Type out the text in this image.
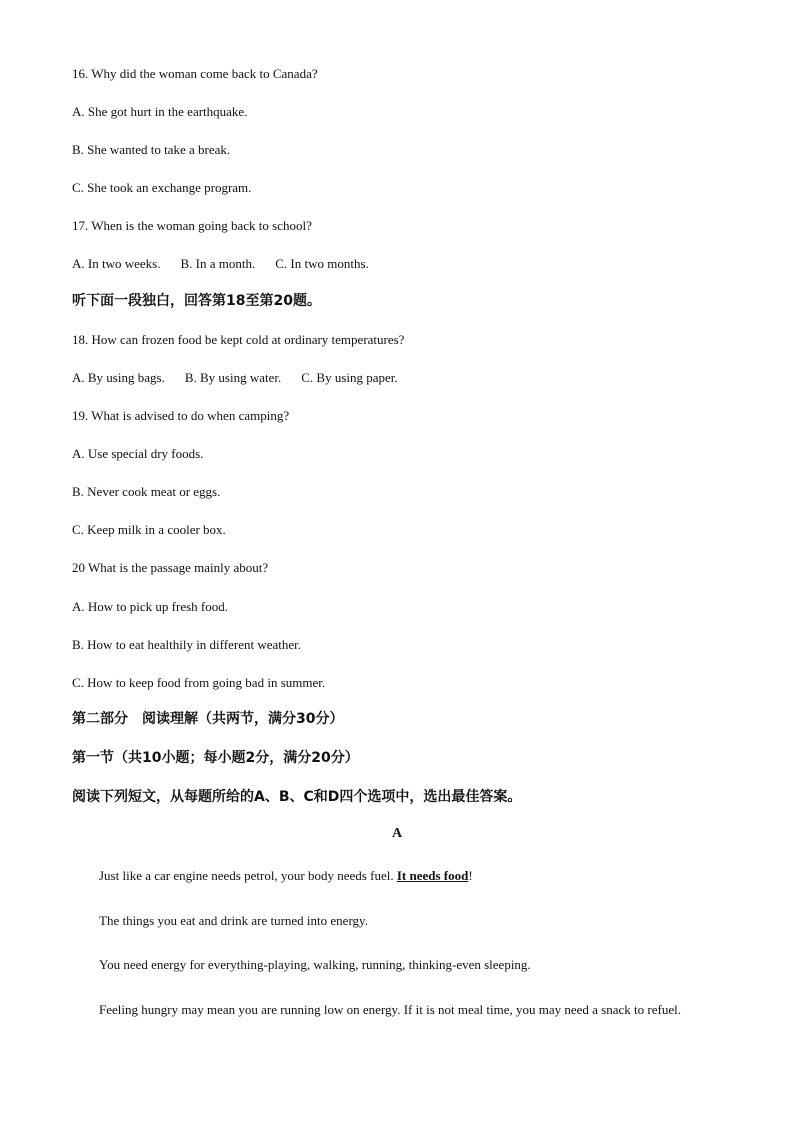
16. Why did the woman come back to Canada?
A. She got hurt in the earthquake.
B. She wanted to take a break.
C. She took an exchange program.
17. When is the woman going back to school?
A. In two weeks. B. In a month. C. In two months.
听下面一段独白，回答第18至第20题。
18. How can frozen food be kept cold at ordinary temperatures?
A. By using bags. B. By using water. C. By using paper.
19. What is advised to do when camping?
A. Use special dry foods.
B. Never cook meat or eggs.
C. Keep milk in a cooler box.
20 What is the passage mainly about?
A. How to pick up fresh food.
B. How to eat healthily in different weather.
C. How to keep food from going bad in summer.
第二部分　阅读理解（共两节，满分30分）
第一节（共10小题；每小题2分，满分20分）
阅读下列短文，从每题所给的A、B、C和D四个选项中，选出最佳答案。
A
Just like a car engine needs petrol, your body needs fuel. It needs food!
The things you eat and drink are turned into energy.
You need energy for everything-playing, walking, running, thinking-even sleeping.
Feeling hungry may mean you are running low on energy. If it is not meal time, you may need a snack to refuel.
